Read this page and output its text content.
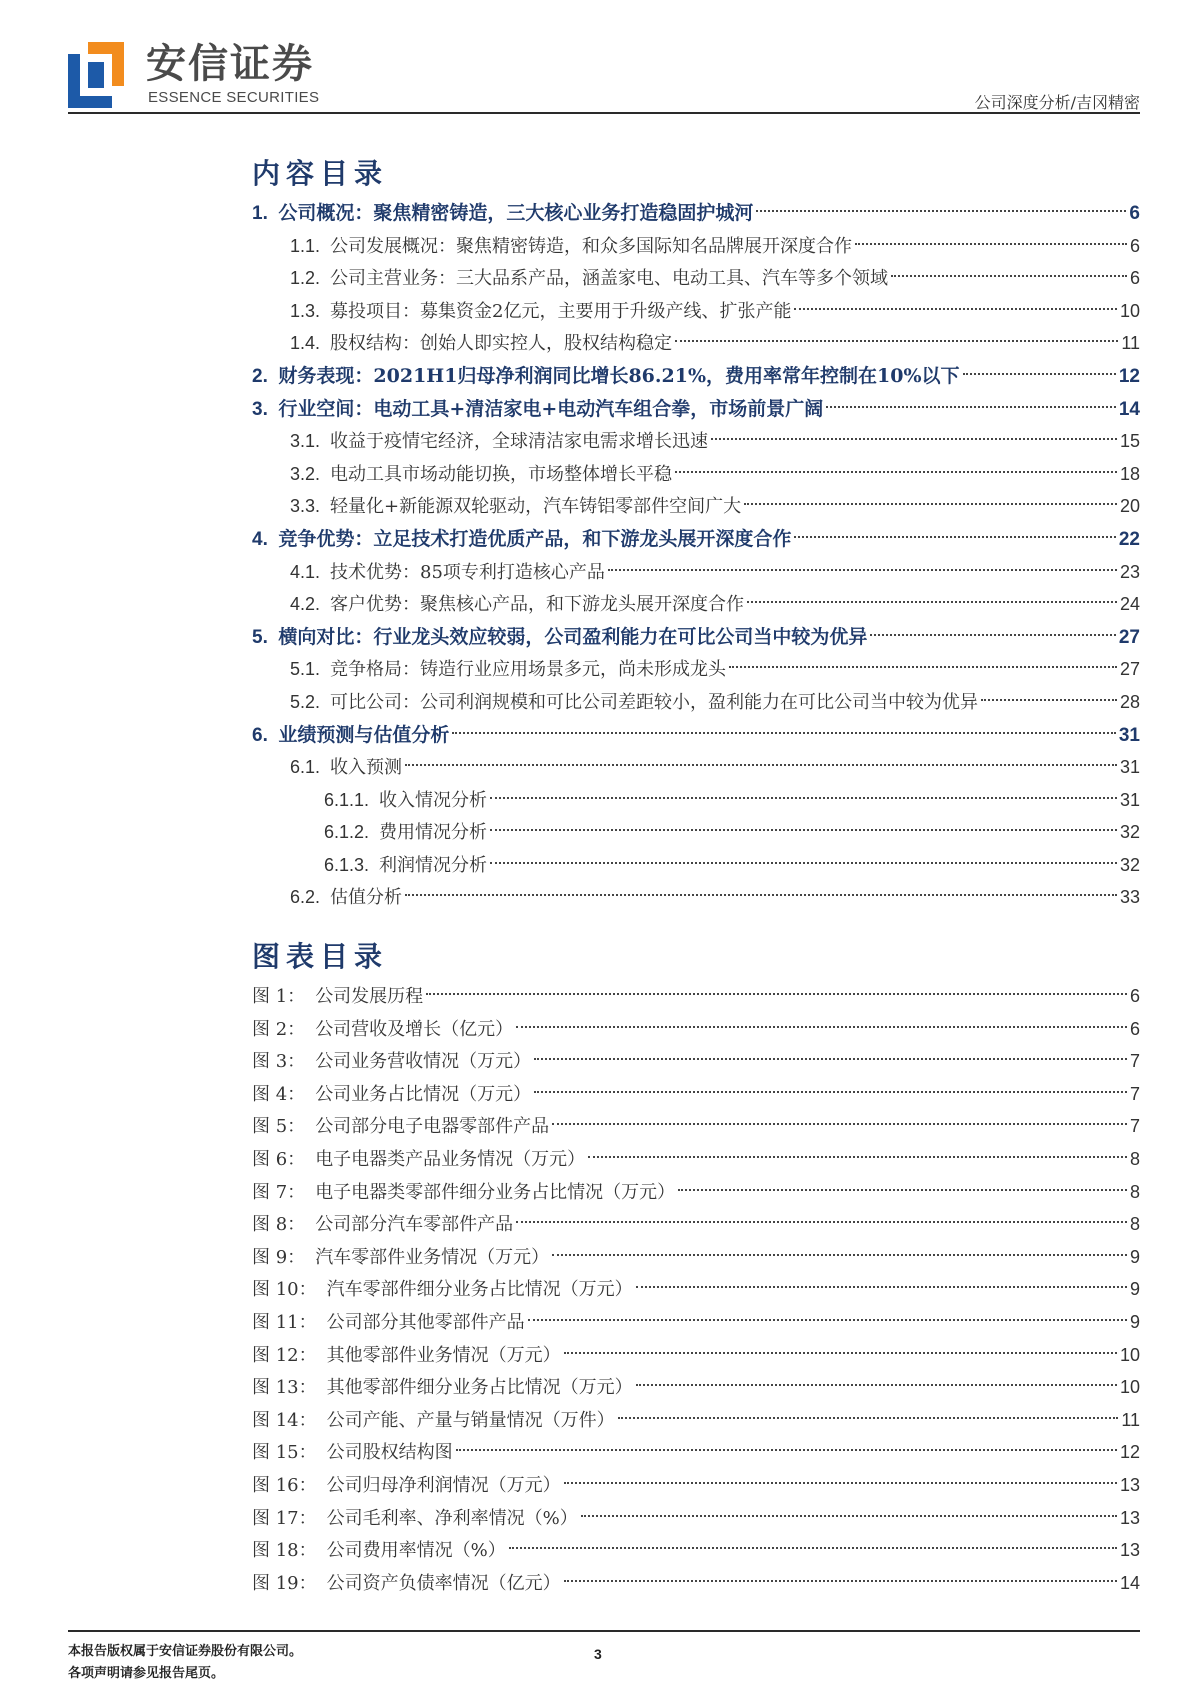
安信证券
ESSENCE SECURITIES	公司深度分析/吉冈精密
内容目录
1. 公司概况：聚焦精密铸造，三大核心业务打造稳固护城河	6
1.1. 公司发展概况：聚焦精密铸造，和众多国际知名品牌展开深度合作	6
1.2. 公司主营业务：三大品系产品，涵盖家电、电动工具、汽车等多个领域	6
1.3. 募投项目：募集资金2亿元，主要用于升级产线、扩张产能	10
1.4. 股权结构：创始人即实控人，股权结构稳定	11
2. 财务表现：2021H1归母净利润同比增长86.21%，费用率常年控制在10%以下	12
3. 行业空间：电动工具+清洁家电+电动汽车组合拳，市场前景广阔	14
3.1. 收益于疫情宅经济，全球清洁家电需求增长迅速	15
3.2. 电动工具市场动能切换，市场整体增长平稳	18
3.3. 轻量化+新能源双轮驱动，汽车铸铝零部件空间广大	20
4. 竞争优势：立足技术打造优质产品，和下游龙头展开深度合作	22
4.1. 技术优势：85项专利打造核心产品	23
4.2. 客户优势：聚焦核心产品，和下游龙头展开深度合作	24
5. 横向对比：行业龙头效应较弱，公司盈利能力在可比公司当中较为优异	27
5.1. 竞争格局：铸造行业应用场景多元，尚未形成龙头	27
5.2. 可比公司：公司利润规模和可比公司差距较小，盈利能力在可比公司当中较为优异	28
6. 业绩预测与估值分析	31
6.1. 收入预测	31
6.1.1. 收入情况分析	31
6.1.2. 费用情况分析	32
6.1.3. 利润情况分析	32
6.2. 估值分析	33
图表目录
图 1： 公司发展历程	6
图 2： 公司营收及增长（亿元）	6
图 3： 公司业务营收情况（万元）	7
图 4： 公司业务占比情况（万元）	7
图 5： 公司部分电子电器零部件产品	7
图 6： 电子电器类产品业务情况（万元）	8
图 7： 电子电器类零部件细分业务占比情况（万元）	8
图 8： 公司部分汽车零部件产品	8
图 9： 汽车零部件业务情况（万元）	9
图 10： 汽车零部件细分业务占比情况（万元）	9
图 11： 公司部分其他零部件产品	9
图 12： 其他零部件业务情况（万元）	10
图 13： 其他零部件细分业务占比情况（万元）	10
图 14： 公司产能、产量与销量情况（万件）	11
图 15： 公司股权结构图	12
图 16： 公司归母净利润情况（万元）	13
图 17： 公司毛利率、净利率情况（%）	13
图 18： 公司费用率情况（%）	13
图 19： 公司资产负债率情况（亿元）	14
本报告版权属于安信证券股份有限公司。
各项声明请参见报告尾页。
3
